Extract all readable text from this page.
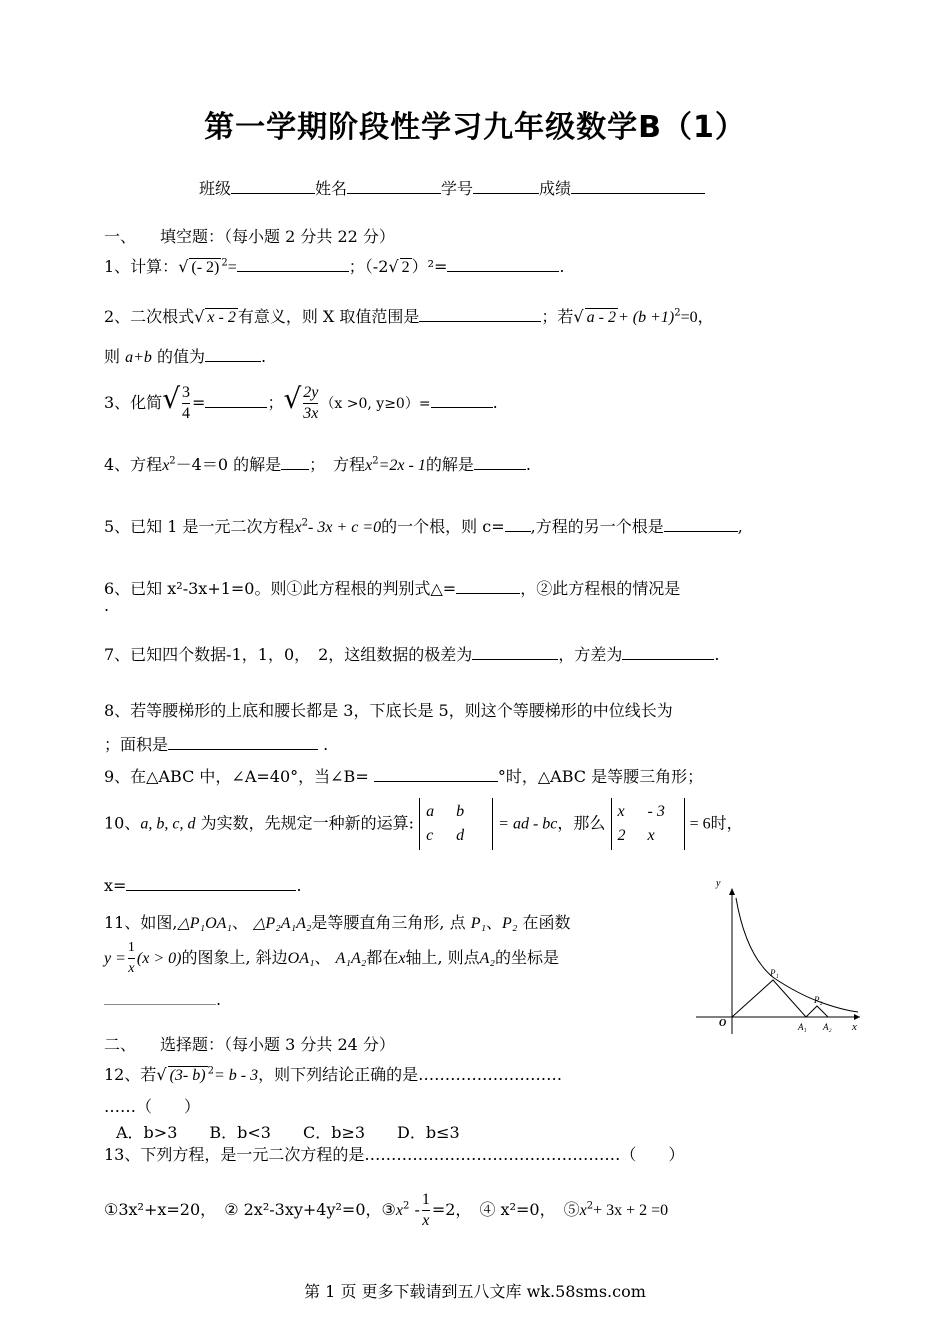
第一学期阶段性学习九年级数学B（1）
班级	姓名	学号	成绩
一、　　填空题：（每小题 2 分共 22 分）
1、计算：√ (- 2) $^2$=	；（-2√ 2 ）²=	.
2、二次根式√ x - 2 有意义，则 X 取值范围是	；若√ $a - 2 + (b +1)^2=0$，
则 a+b 的值为	.
3、化简√ $\frac{3}{4}$ =	；√ $\frac{2y}{3x} (x >0$, y≥0）=	.
4、方程$x^2-4=0$ 的解是 ；　方程$x^2=2x - 1$的解是	.
5、已知 1 是一元二次方程$x^2-$ 3x + c =0的一个根，则 c= ,方程的另一个根是	,
6、已知 x²-3x+1=0。则①此方程根的判别式△=	，②此方程根的情况是
.
7、已知四个数据-1，1，0，　2，这组数据的极差为	，方差为	.
8、若等腰梯形的上底和腰长都是 3，下底长是 5，则这个等腰梯形的中位线长为
；面积是	.
9、在△ABC 中，∠A=40°，当∠B=	°时，△ABC 是等腰三角形；
10、a, b, c, d 为实数，先规定一种新的运算: a b
c d = ad - bc，那么 x - 3
2 x = 6时，
x=	.
11、如图,△P₁OA₁、 △P₂A₁A₂是等腰直角三角形, 点 P₁、P₂ 在函数
$y = \frac{1}{x} (x > 0)$的图象上, 斜边OA₁、 A₁A₂都在x轴上, 则点A₂的坐标是
.
y
x
O
P₁
P₂
A₁ A₂
二、　　选择题：（每小题 3 分共 24 分）
12、若√ (3- b) $^2$= b - 3，则下列结论正确的是………………………
……（　　）
A．b>3　　B．b<3　　C．b≥3　　D．b≤3
13、下列方程，是一元二次方程的是…………………………………………（　　）
①3x²+x=20，　 ② 2x²-3xy+4y²=0，$③x^2 - \frac{1}{x} =2$，　 ④ x²=0，　 $⑤x^2+ 3x + 2 =0$
第 1 页 更多下载请到五八文库 wk.58sms.com
